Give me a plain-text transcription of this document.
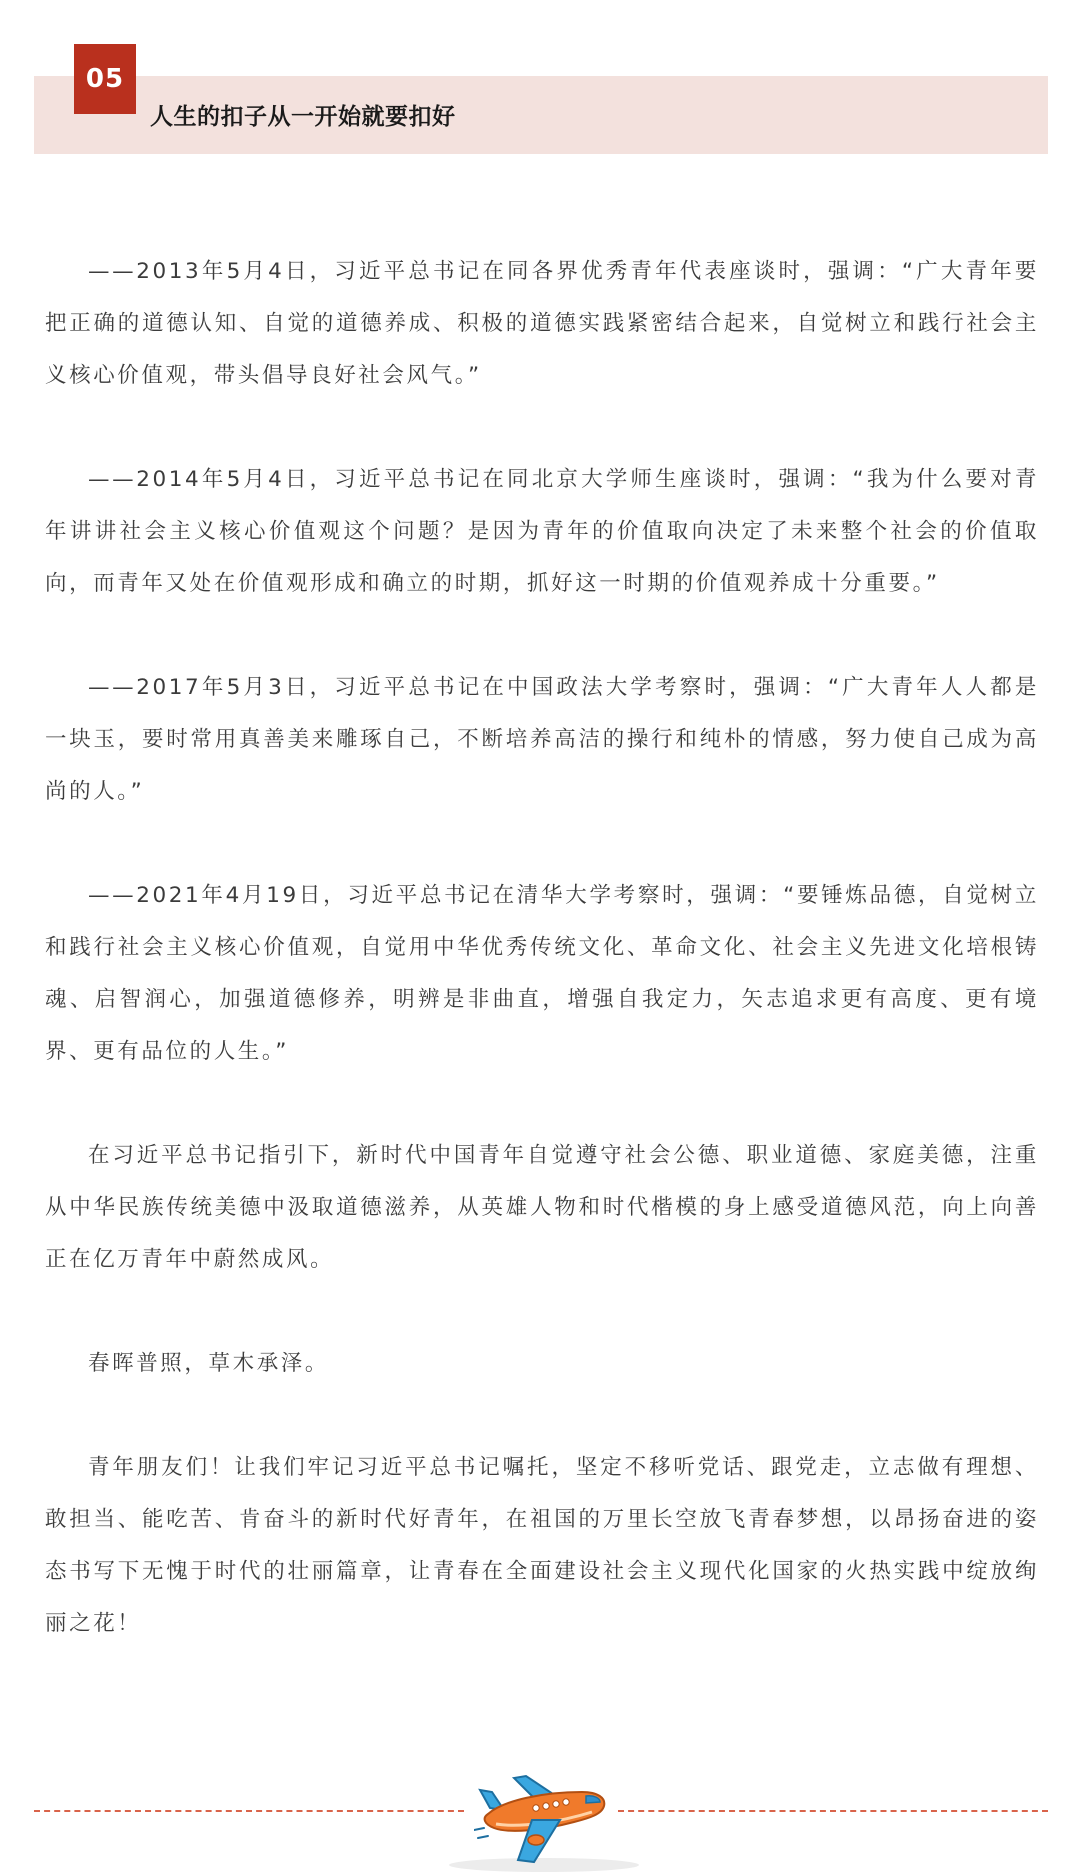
05
人生的扣子从一开始就要扣好

——2013年5月4日，习近平总书记在同各界优秀青年代表座谈时，强调：“广大青年要把正确的道德认知、自觉的道德养成、积极的道德实践紧密结合起来，自觉树立和践行社会主义核心价值观，带头倡导良好社会风气。”

——2014年5月4日，习近平总书记在同北京大学师生座谈时，强调：“我为什么要对青年讲讲社会主义核心价值观这个问题？是因为青年的价值取向决定了未来整个社会的价值取向，而青年又处在价值观形成和确立的时期，抓好这一时期的价值观养成十分重要。”

——2017年5月3日，习近平总书记在中国政法大学考察时，强调：“广大青年人人都是一块玉，要时常用真善美来雕琢自己，不断培养高洁的操行和纯朴的情感，努力使自己成为高尚的人。”

——2021年4月19日，习近平总书记在清华大学考察时，强调：“要锤炼品德，自觉树立和践行社会主义核心价值观，自觉用中华优秀传统文化、革命文化、社会主义先进文化培根铸魂、启智润心，加强道德修养，明辨是非曲直，增强自我定力，矢志追求更有高度、更有境界、更有品位的人生。”

在习近平总书记指引下，新时代中国青年自觉遵守社会公德、职业道德、家庭美德，注重从中华民族传统美德中汲取道德滋养，从英雄人物和时代楷模的身上感受道德风范，向上向善正在亿万青年中蔚然成风。

春晖普照，草木承泽。

青年朋友们！让我们牢记习近平总书记嘱托，坚定不移听党话、跟党走，立志做有理想、敢担当、能吃苦、肯奋斗的新时代好青年，在祖国的万里长空放飞青春梦想，以昂扬奋进的姿态书写下无愧于时代的壮丽篇章，让青春在全面建设社会主义现代化国家的火热实践中绽放绚丽之花！
